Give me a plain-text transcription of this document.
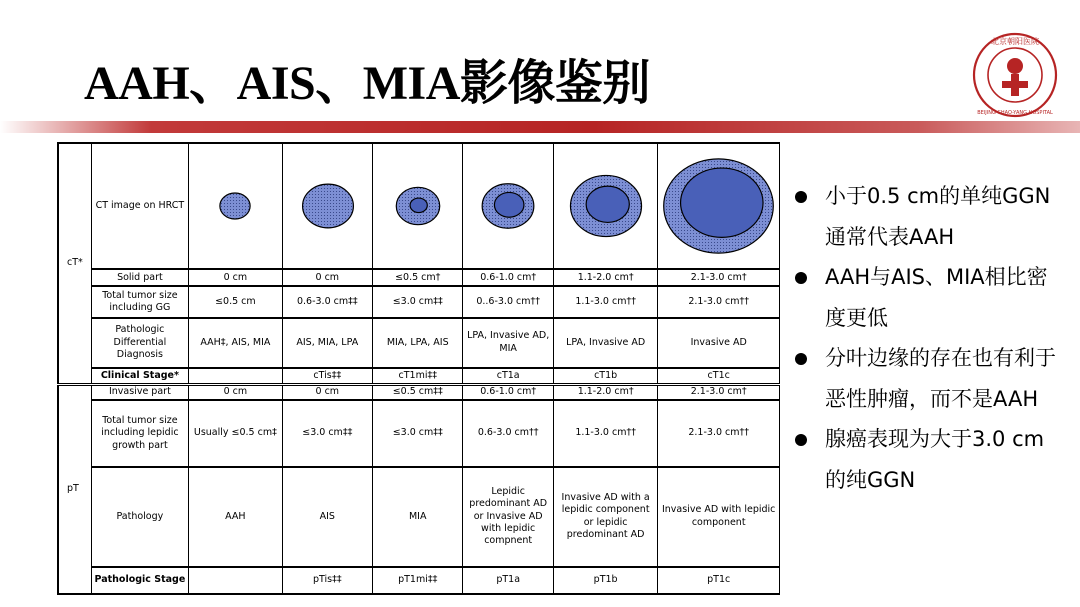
AAH、AIS、MIA影像鉴别
北京朝阳医院
BEIJING CHAO-YANG HOSPITAL
cT*	CT image on HRCT	

	Solid part	0 cm	0 cm	≤0.5 cm†	0.6-1.0 cm†	1.1-2.0 cm†	2.1-3.0 cm†
	Total tumor size including GG	≤0.5 cm	0.6-3.0 cm‡‡	≤3.0 cm‡‡	0..6-3.0 cm††	1.1-3.0 cm††	2.1-3.0 cm††
	Pathologic Differential Diagnosis	AAH‡, AIS, MIA	AIS, MIA, LPA	MIA, LPA, AIS	LPA, Invasive AD, MIA	LPA, Invasive AD	Invasive AD
	Clinical Stage*		cTis‡‡	cT1mi‡‡	cT1a	cT1b	cT1c
pT	Invasive part	0 cm	0 cm	≤0.5 cm‡‡	0.6-1.0 cm†	1.1-2.0 cm†	2.1-3.0 cm†
	Total tumor size including lepidic growth part	Usually ≤0.5 cm‡	≤3.0 cm‡‡	≤3.0 cm‡‡	0.6-3.0 cm††	1.1-3.0 cm††	2.1-3.0 cm††
	Pathology	AAH	AIS	MIA	Lepidic predominant AD or Invasive AD with lepidic compnent	Invasive AD with a lepidic component or lepidic predominant AD	Invasive AD with lepidic component
	Pathologic Stage		pTis‡‡	pT1mi‡‡	pT1a	pT1b	pT1c
小于0.5 cm的单纯GGN通常代表AAH
AAH与AIS、MIA相比密度更低
分叶边缘的存在也有利于恶性肿瘤，而不是AAH
腺癌表现为大于3.0 cm的纯GGN
